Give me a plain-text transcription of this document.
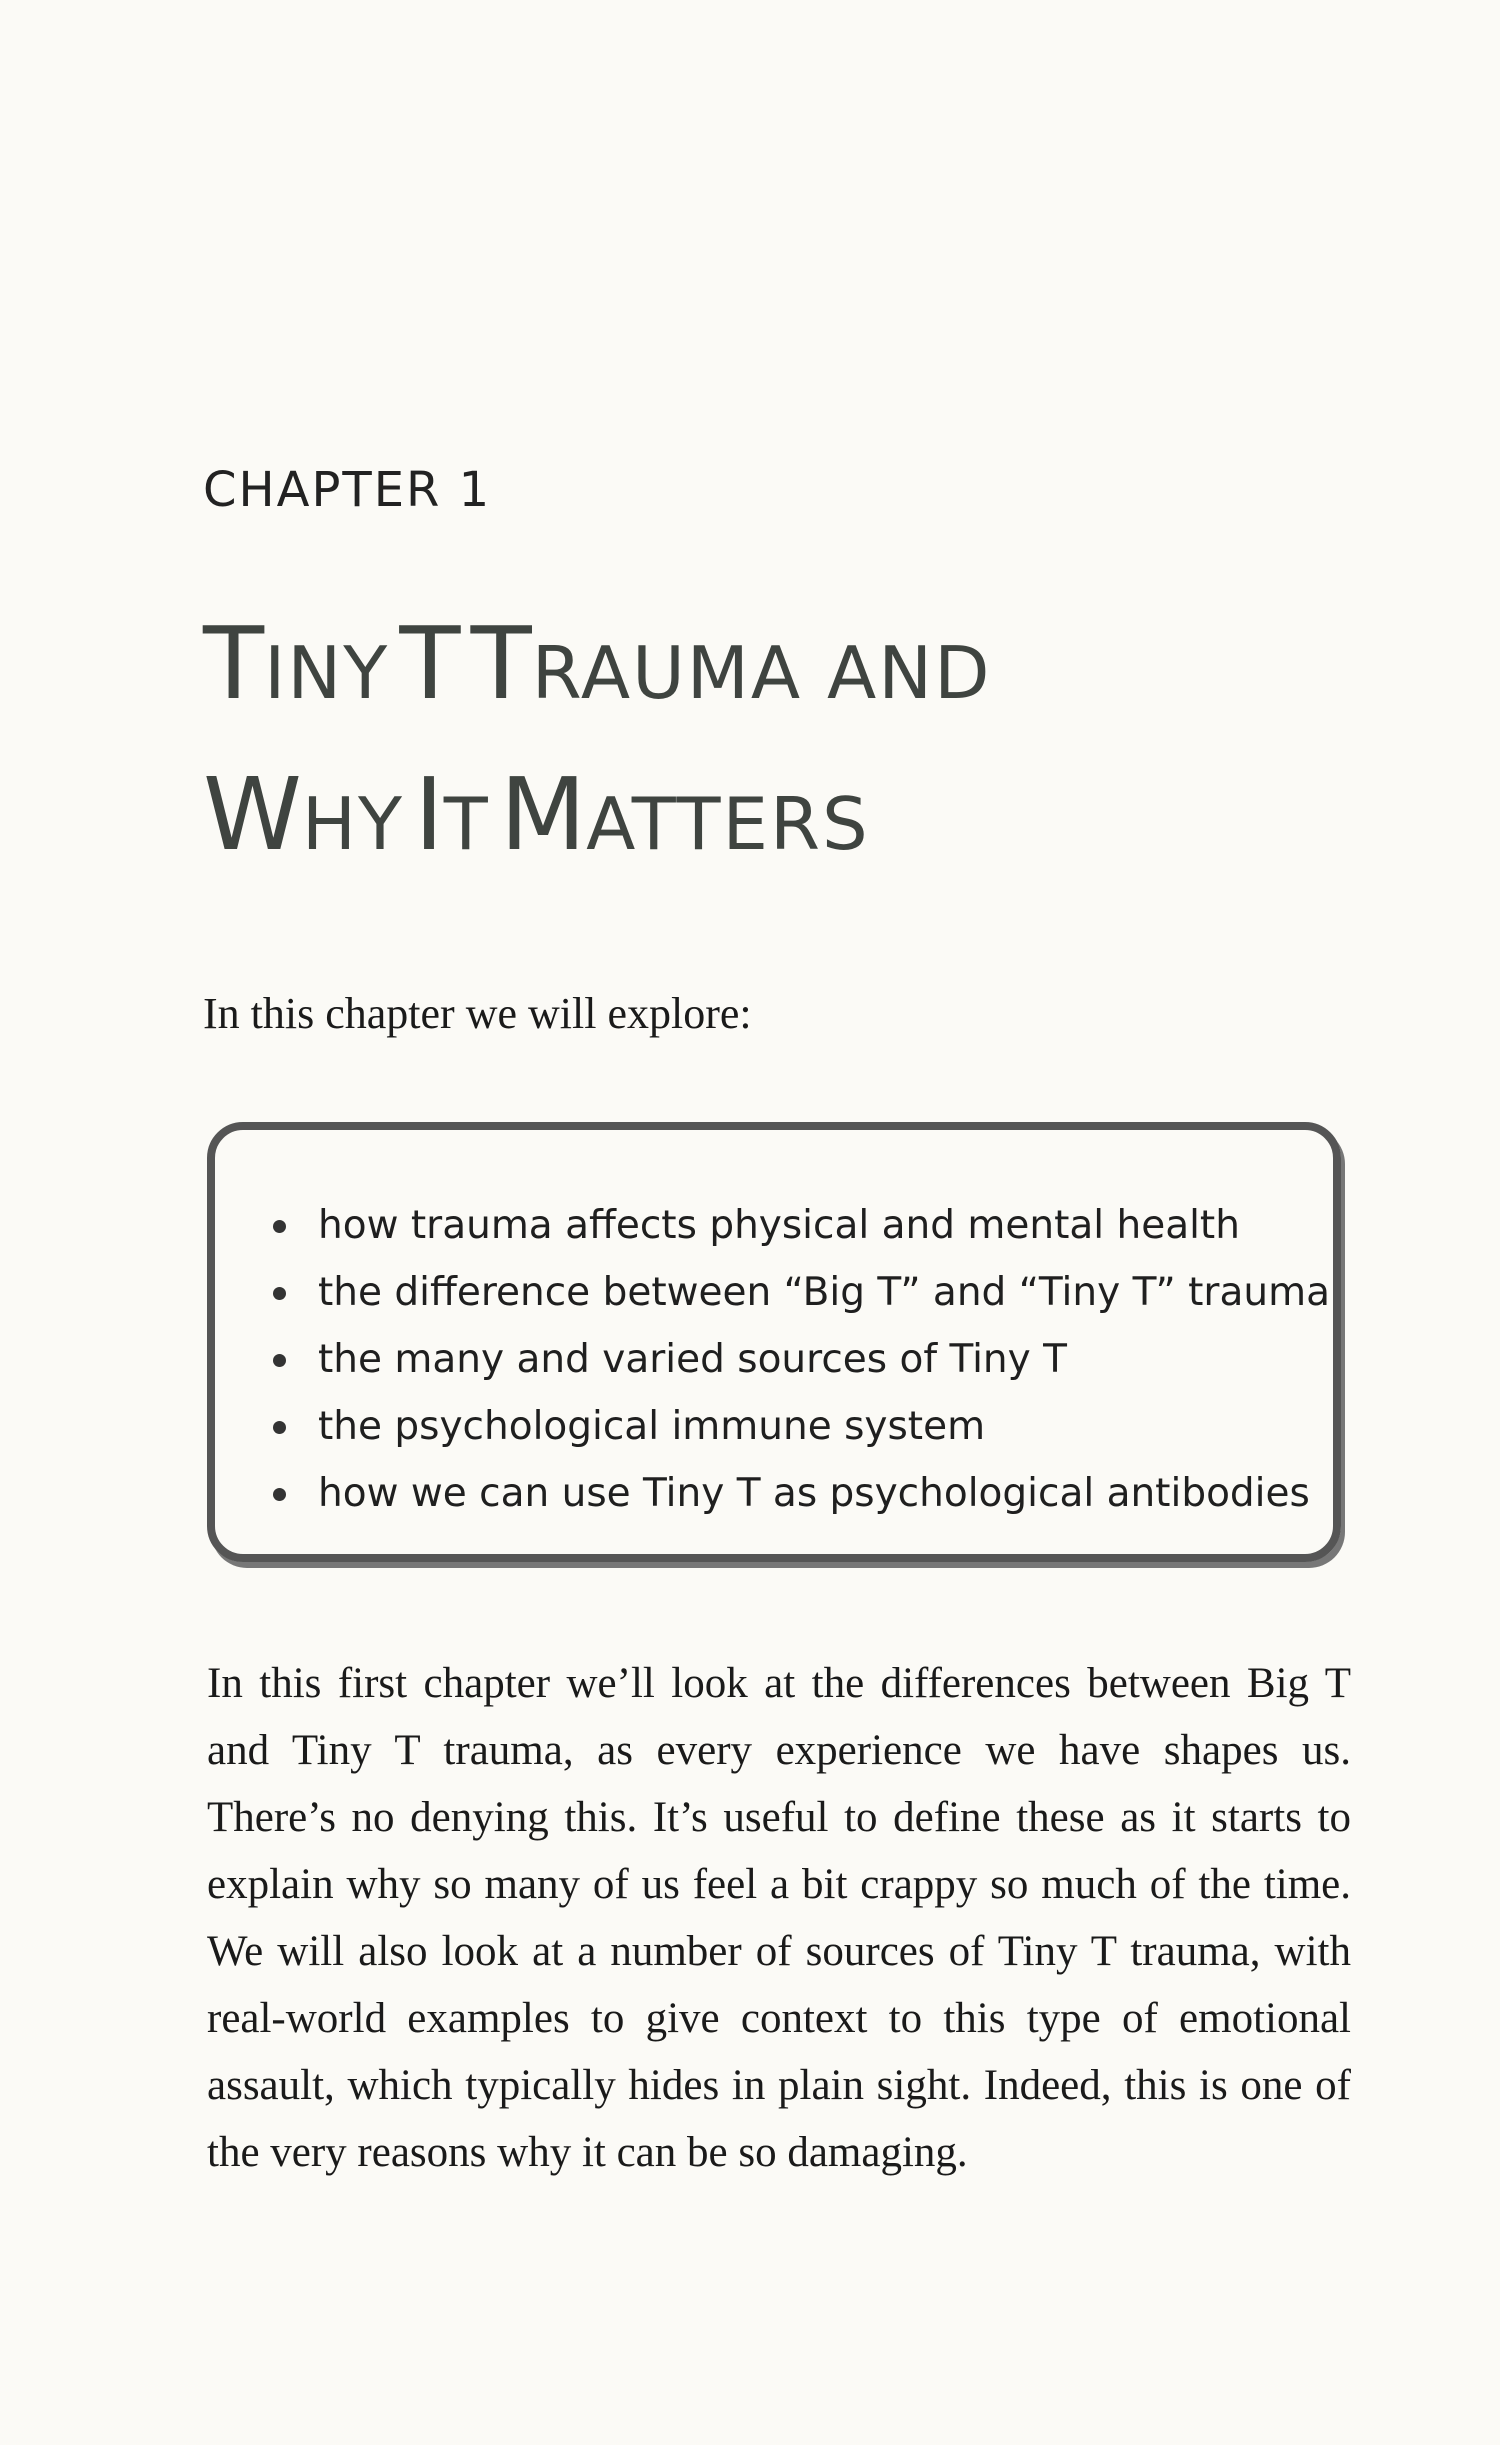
CHAPTER 1
TINY T TRAUMA AND
WHY IT MATTERS
In this chapter we will explore:
how trauma affects physical and mental health
the difference between “Big T” and “Tiny T” trauma
the many and varied sources of Tiny T
the psychological immune system
how we can use Tiny T as psychological antibodies

In this first chapter we’ll look at the differences between Big T and Tiny T trauma, as every experience we have shapes us. There’s no denying this. It’s useful to define these as it starts to explain why so many of us feel a bit crappy so much of the time. We will also look at a number of sources of Tiny T trauma, with real-world examples to give context to this type of emotional assault, which typically hides in plain sight. Indeed, this is one of the very reasons why it can be so damaging.
